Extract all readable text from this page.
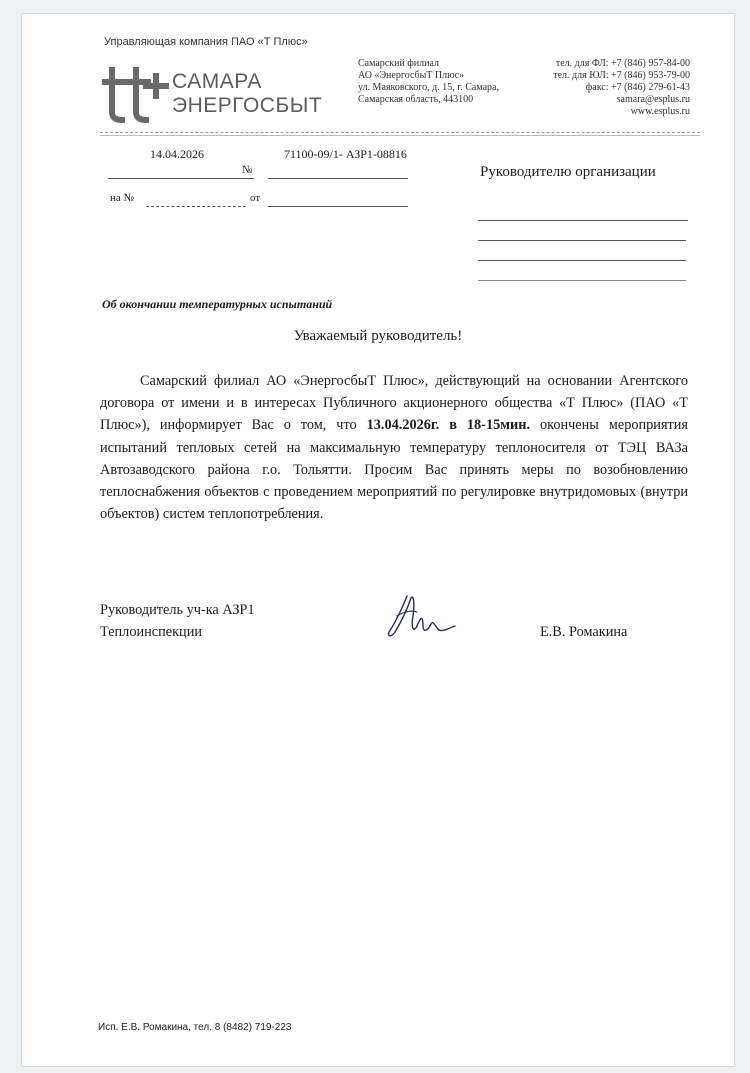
Управляющая компания ПАО «Т Плюс»
САМАРА
ЭНЕРГОСБЫТ
Самарский филиал
АО «ЭнергосбыТ Плюс»
ул. Маяковского, д. 15, г. Самара,
Самарская область, 443100
тел. для ФЛ: +7 (846) 957-84-00
тел. для ЮЛ: +7 (846) 953-79-00
факс: +7 (846) 279-61-43
samara@esplus.ru
www.esplus.ru
14.04.2026	71100-09/1- АЗР1-08816
№
на №	от
Руководителю организации
Об окончании температурных испытаний
Уважаемый руководитель!
Самарский филиал АО «ЭнергосбыТ Плюс», действующий на основании Агентского договора от имени и в интересах Публичного акционерного общества «Т Плюс» (ПАО «Т Плюс»), информирует Вас о том, что 13.04.2026г. в 18-15мин. окончены мероприятия испытаний тепловых сетей на максимальную температуру теплоносителя от ТЭЦ ВАЗа Автозаводского района г.о. Тольятти. Просим Вас принять меры по возобновлению теплоснабжения объектов с проведением мероприятий по регулировке внутридомовых (внутри объектов) систем теплопотребления.
Руководитель уч-ка АЗР1
Теплоинспекции	Е.В. Ромакина
Исп. Е.В. Ромакина, тел. 8 (8482) 719-223
